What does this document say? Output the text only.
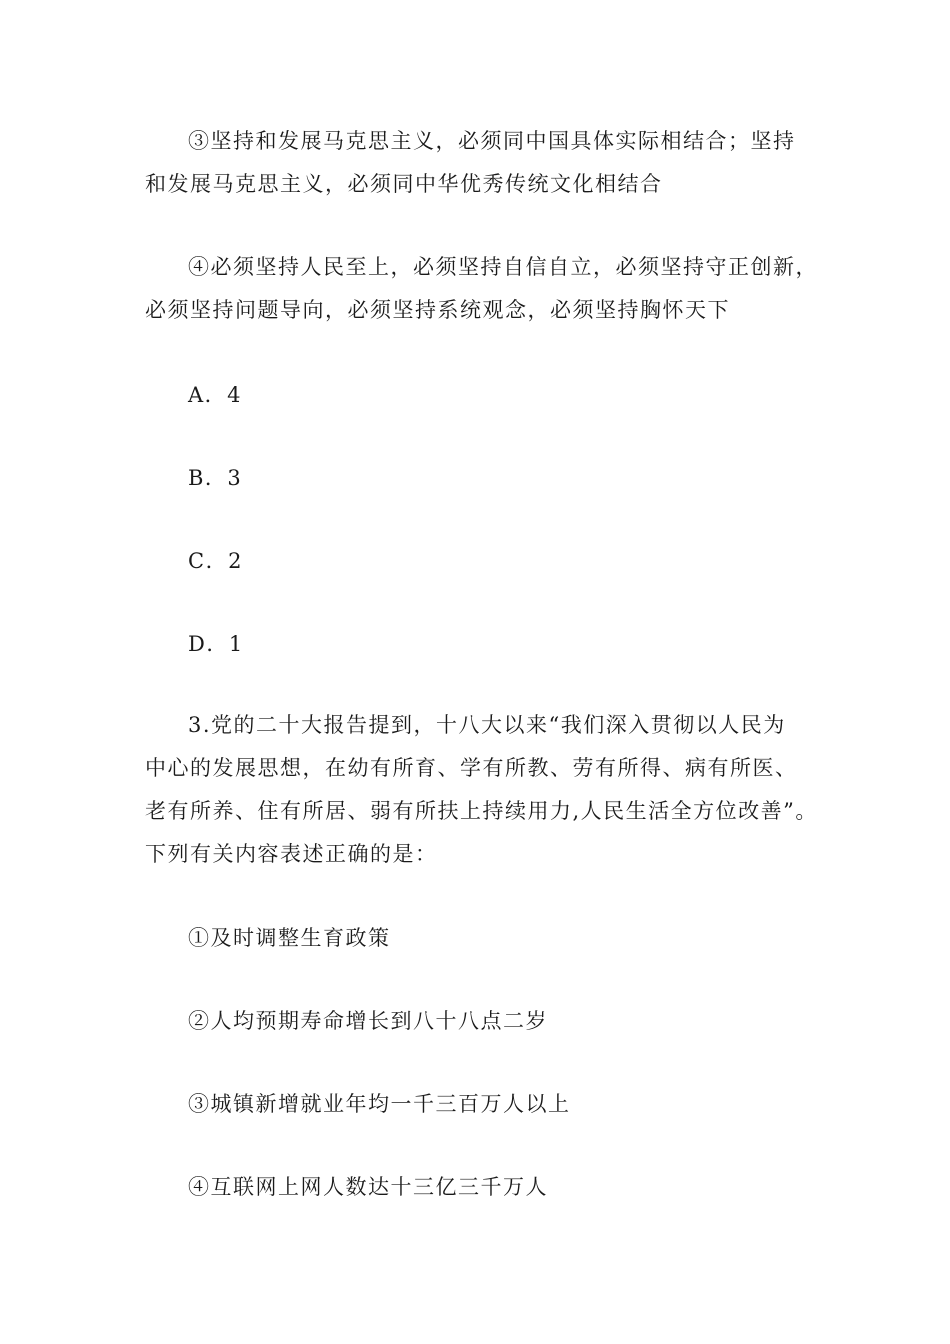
③坚持和发展马克思主义，必须同中国具体实际相结合；坚持
和发展马克思主义，必须同中华优秀传统文化相结合
④必须坚持人民至上，必须坚持自信自立，必须坚持守正创新，
必须坚持问题导向，必须坚持系统观念，必须坚持胸怀天下

A．4

B．3

C．2

D．1

3.党的二十大报告提到，十八大以来“我们深入贯彻以人民为
中心的发展思想，在幼有所育、学有所教、劳有所得、病有所医、
老有所养、住有所居、弱有所扶上持续用力,人民生活全方位改善”。
下列有关内容表述正确的是：

①及时调整生育政策

②人均预期寿命增长到八十八点二岁

③城镇新增就业年均一千三百万人以上

④互联网上网人数达十三亿三千万人
